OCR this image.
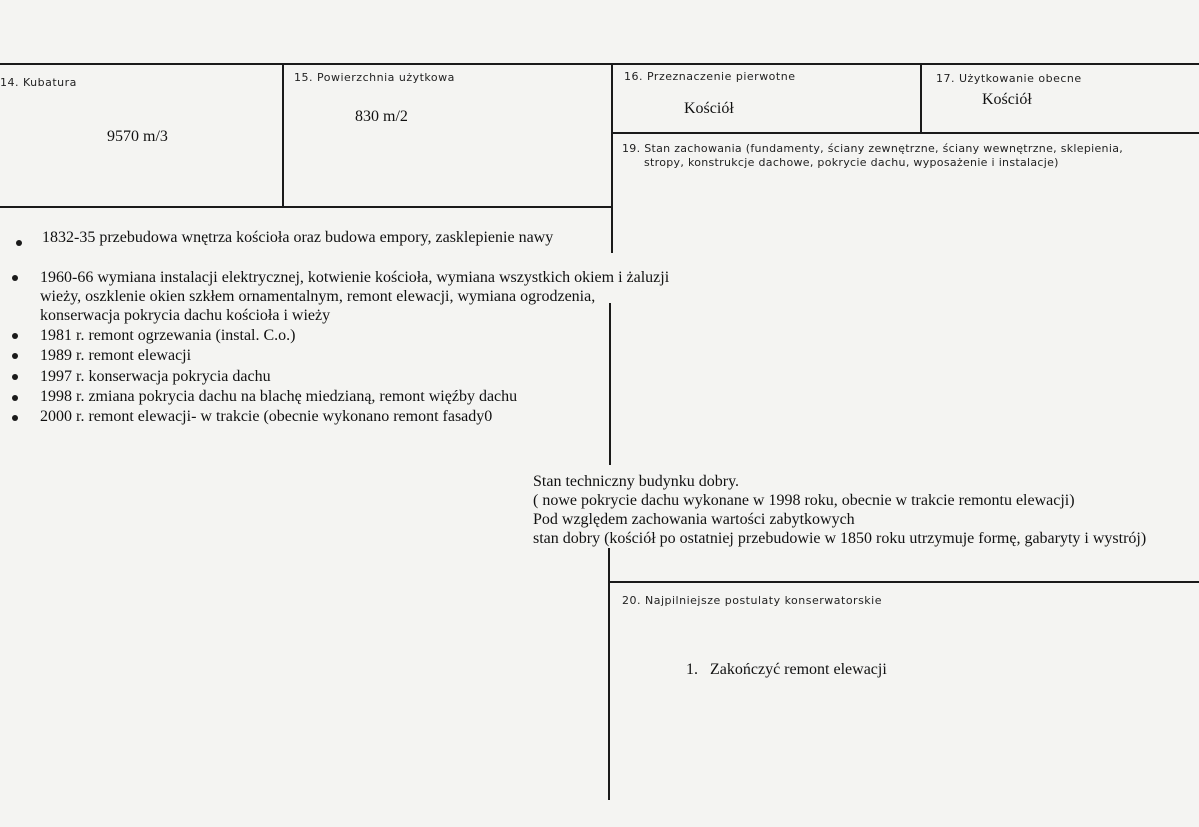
14. Kubatura
9570 m/3
15. Powierzchnia użytkowa
830 m/2
16. Przeznaczenie pierwotne
Kościół
17. Użytkowanie obecne
Kościół
19. Stan zachowania (fundamenty, ściany zewnętrzne, ściany wewnętrzne, sklepienia,
stropy, konstrukcje dachowe, pokrycie dachu, wyposażenie i instalacje)
1832-35 przebudowa wnętrza kościoła oraz budowa empory, zasklepienie nawy
1960-66 wymiana instalacji elektrycznej, kotwienie kościoła, wymiana wszystkich okiem i żaluzji
wieży, oszklenie okien szkłem ornamentalnym, remont elewacji, wymiana ogrodzenia,
konserwacja pokrycia dachu kościoła i wieży
1981 r. remont ogrzewania (instal. C.o.)
1989 r. remont elewacji
1997 r. konserwacja pokrycia dachu
1998 r. zmiana pokrycia dachu na blachę miedzianą, remont więźby dachu
2000 r. remont elewacji- w trakcie (obecnie wykonano remont fasady0
Stan techniczny budynku dobry.
( nowe pokrycie dachu wykonane w 1998 roku, obecnie w trakcie remontu elewacji)
Pod względem zachowania wartości zabytkowych
stan dobry (kościół po ostatniej przebudowie w 1850 roku utrzymuje formę, gabaryty i wystrój)
20. Najpilniejsze postulaty konserwatorskie
1. Zakończyć remont elewacji
